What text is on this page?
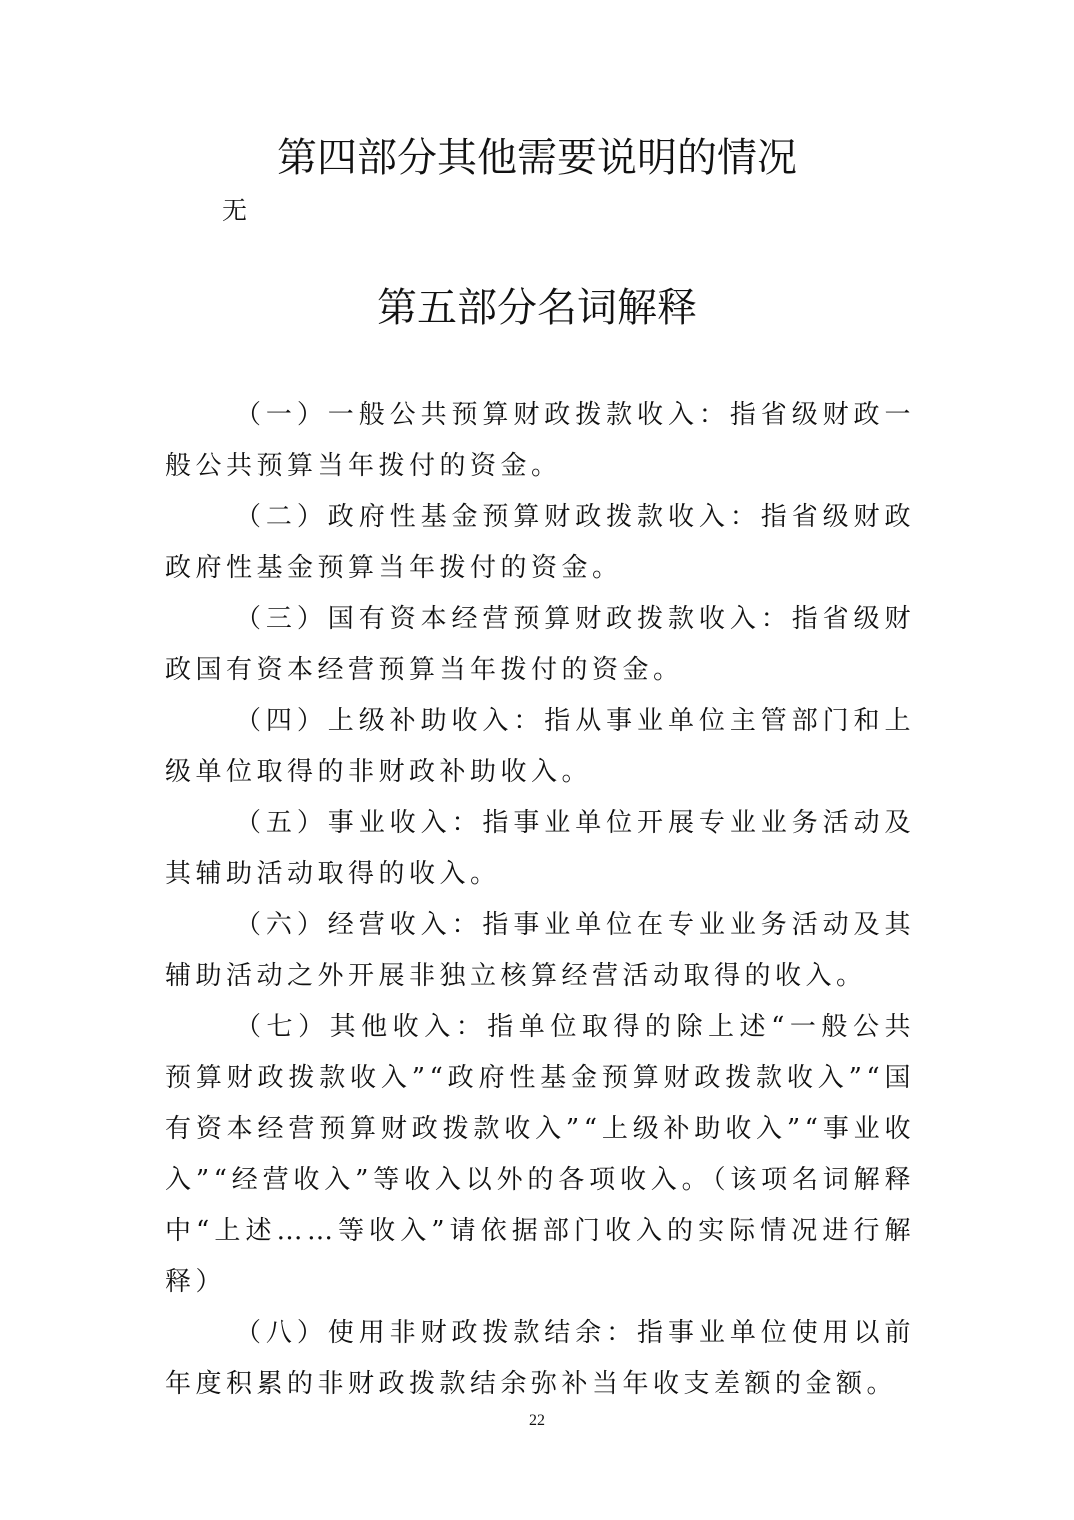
第四部分其他需要说明的情况
无
第五部分名词解释

（一）一般公共预算财政拨款收入：指省级财政一般公共预算当年拨付的资金。

（二）政府性基金预算财政拨款收入：指省级财政政府性基金预算当年拨付的资金。

（三）国有资本经营预算财政拨款收入：指省级财政国有资本经营预算当年拨付的资金。

（四）上级补助收入：指从事业单位主管部门和上级单位取得的非财政补助收入。

（五）事业收入：指事业单位开展专业业务活动及其辅助活动取得的收入。

（六）经营收入：指事业单位在专业业务活动及其辅助活动之外开展非独立核算经营活动取得的收入。

（七）其他收入：指单位取得的除上述“一般公共预算财政拨款收入”“政府性基金预算财政拨款收入”“国有资本经营预算财政拨款收入”“上级补助收入”“事业收入”“经营收入”等收入以外的各项收入。（该项名词解释中“上述……等收入”请依据部门收入的实际情况进行解释）

（八）使用非财政拨款结余：指事业单位使用以前年度积累的非财政拨款结余弥补当年收支差额的金额。

22
